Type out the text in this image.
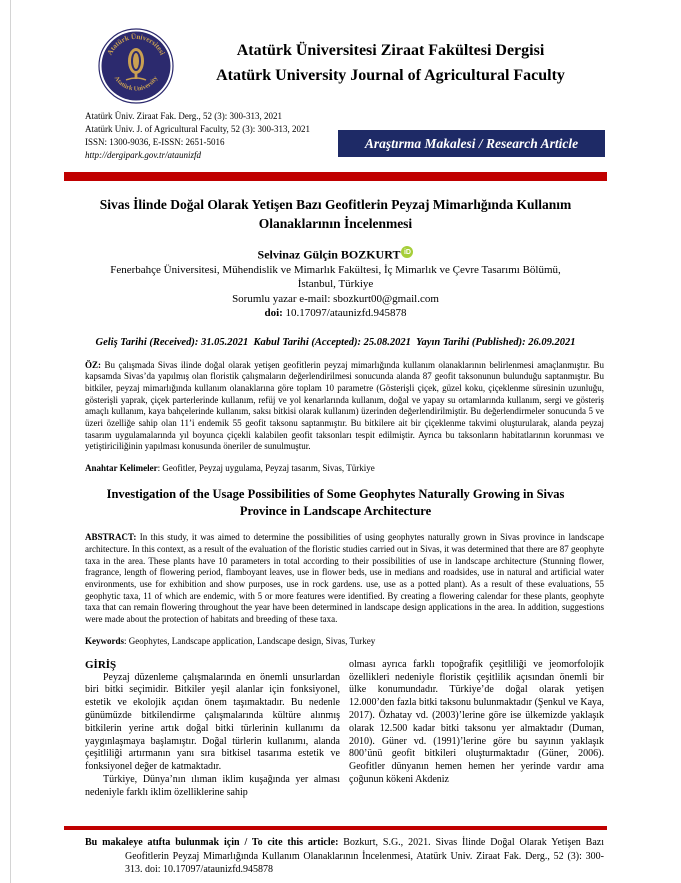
Atatürk Üniversitesi
Atatürk University
Atatürk Üniversitesi Ziraat Fakültesi Dergisi
Atatürk University Journal of Agricultural Faculty
Atatürk Üniv. Ziraat Fak. Derg., 52 (3): 300-313, 2021
Atatürk Univ. J. of Agricultural Faculty, 52 (3): 300-313, 2021
ISSN: 1300-9036, E-ISSN: 2651-5016
http://dergipark.gov.tr/ataunizfd
Araştırma Makalesi / Research Article
Sivas İlinde Doğal Olarak Yetişen Bazı Geofitlerin Peyzaj Mimarlığında Kullanım Olanaklarının İncelenmesi
Selvinaz Gülçin BOZKURT iD
Fenerbahçe Üniversitesi, Mühendislik ve Mimarlık Fakültesi, İç Mimarlık ve Çevre Tasarımı Bölümü,
İstanbul, Türkiye
Sorumlu yazar e-mail: sbozkurt00@gmail.com
doi: 10.17097/ataunizfd.945878
Geliş Tarihi (Received): 31.05.2021  Kabul Tarihi (Accepted): 25.08.2021  Yayın Tarihi (Published): 26.09.2021
ÖZ: Bu çalışmada Sivas ilinde doğal olarak yetişen geofitlerin peyzaj mimarlığında kullanım olanaklarının belirlenmesi amaçlanmıştır. Bu kapsamda Sivas’da yapılmış olan floristik çalışmaların değerlendirilmesi sonucunda alanda 87 geofit taksonunun bulunduğu saptanmıştır. Bu bitkiler, peyzaj mimarlığında kullanım olanaklarına göre toplam 10 parametre (Gösterişli çiçek, güzel koku, çiçeklenme süresinin uzunluğu, gösterişli yaprak, çiçek parterlerinde kullanım, refüj ve yol kenarlarında kullanım, doğal ve yapay su ortamlarında kullanım, sergi ve gösteriş amaçlı kullanım, kaya bahçelerinde kullanım, saksı bitkisi olarak kullanım) üzerinden değerlendirilmiştir. Bu değerlendirmeler sonucunda 5 ve üzeri özelliğe sahip olan 11’i endemik 55 geofit taksonu saptanmıştır. Bu bitkilere ait bir çiçeklenme takvimi oluşturularak, alanda peyzaj tasarım uygulamalarında yıl boyunca çiçekli kalabilen geofit taksonları tespit edilmiştir. Ayrıca bu taksonların habitatlarının korunması ve yetiştiriciliğinin yapılması konusunda öneriler de sunulmuştur.
Anahtar Kelimeler: Geofitler, Peyzaj uygulama, Peyzaj tasarım, Sivas, Türkiye
Investigation of the Usage Possibilities of Some Geophytes Naturally Growing in Sivas Province in Landscape Architecture
ABSTRACT: In this study, it was aimed to determine the possibilities of using geophytes naturally grown in Sivas province in landscape architecture. In this context, as a result of the evaluation of the floristic studies carried out in Sivas, it was determined that there are 87 geophyte taxa in the area. These plants have 10 parameters in total according to their possibilities of use in landscape architecture (Stunning flower, fragrance, length of flowering period, flamboyant leaves, use in flower beds, use in medians and roadsides, use in natural and artificial water environments, use for exhibition and show purposes, use in rock gardens. use, use as a potted plant). As a result of these evaluations, 55 geophytic taxa, 11 of which are endemic, with 5 or more features were identified. By creating a flowering calendar for these plants, geophyte taxa that can remain flowering throughout the year have been determined in landscape design applications in the area. In addition, suggestions were made about the protection of habitats and breeding of these taxa.
Keywords: Geophytes, Landscape application, Landscape design, Sivas, Turkey
GİRİŞ

Peyzaj düzenleme çalışmalarında en önemli unsurlardan biri bitki seçimidir. Bitkiler yeşil alanlar için fonksiyonel, estetik ve ekolojik açıdan önem taşımaktadır. Bu nedenle günümüzde bitkilendirme çalışmalarında kültüre alınmış bitkilerin yerine artık doğal bitki türlerinin kullanımı da yaygınlaşmaya başlamıştır. Doğal türlerin kullanımı, alanda çeşitliliği artırmanın yanı sıra bitkisel tasarıma estetik ve fonksiyonel değer de katmaktadır.

Türkiye, Dünya’nın ılıman iklim kuşağında yer alması nedeniyle farklı iklim özelliklerine sahip

olması ayrıca farklı topoğrafik çeşitliliği ve jeomorfolojik özellikleri nedeniyle floristik çeşitlilik açısından önemli bir ülke konumundadır. Türkiye’de doğal olarak yetişen 12.000’den fazla bitki taksonu bulunmaktadır (Şenkul ve Kaya, 2017). Özhatay vd. (2003)’lerine göre ise ülkemizde yaklaşık olarak 12.500 kadar bitki taksonu yer almaktadır (Duman, 2010). Güner vd. (1991)’lerine göre bu sayının yaklaşık 800’ünü geofit bitkileri oluşturmaktadır (Güner, 2006). Geofitler dünyanın hemen hemen her yerinde vardır ama çoğunun kökeni Akdeniz

Bu makaleye atıfta bulunmak için / To cite this article: Bozkurt, S.G., 2021. Sivas İlinde Doğal Olarak Yetişen Bazı Geofitlerin Peyzaj Mimarlığında Kullanım Olanaklarının İncelenmesi, Atatürk Univ. Ziraat Fak. Derg., 52 (3): 300-313. doi: 10.17097/ataunizfd.945878
